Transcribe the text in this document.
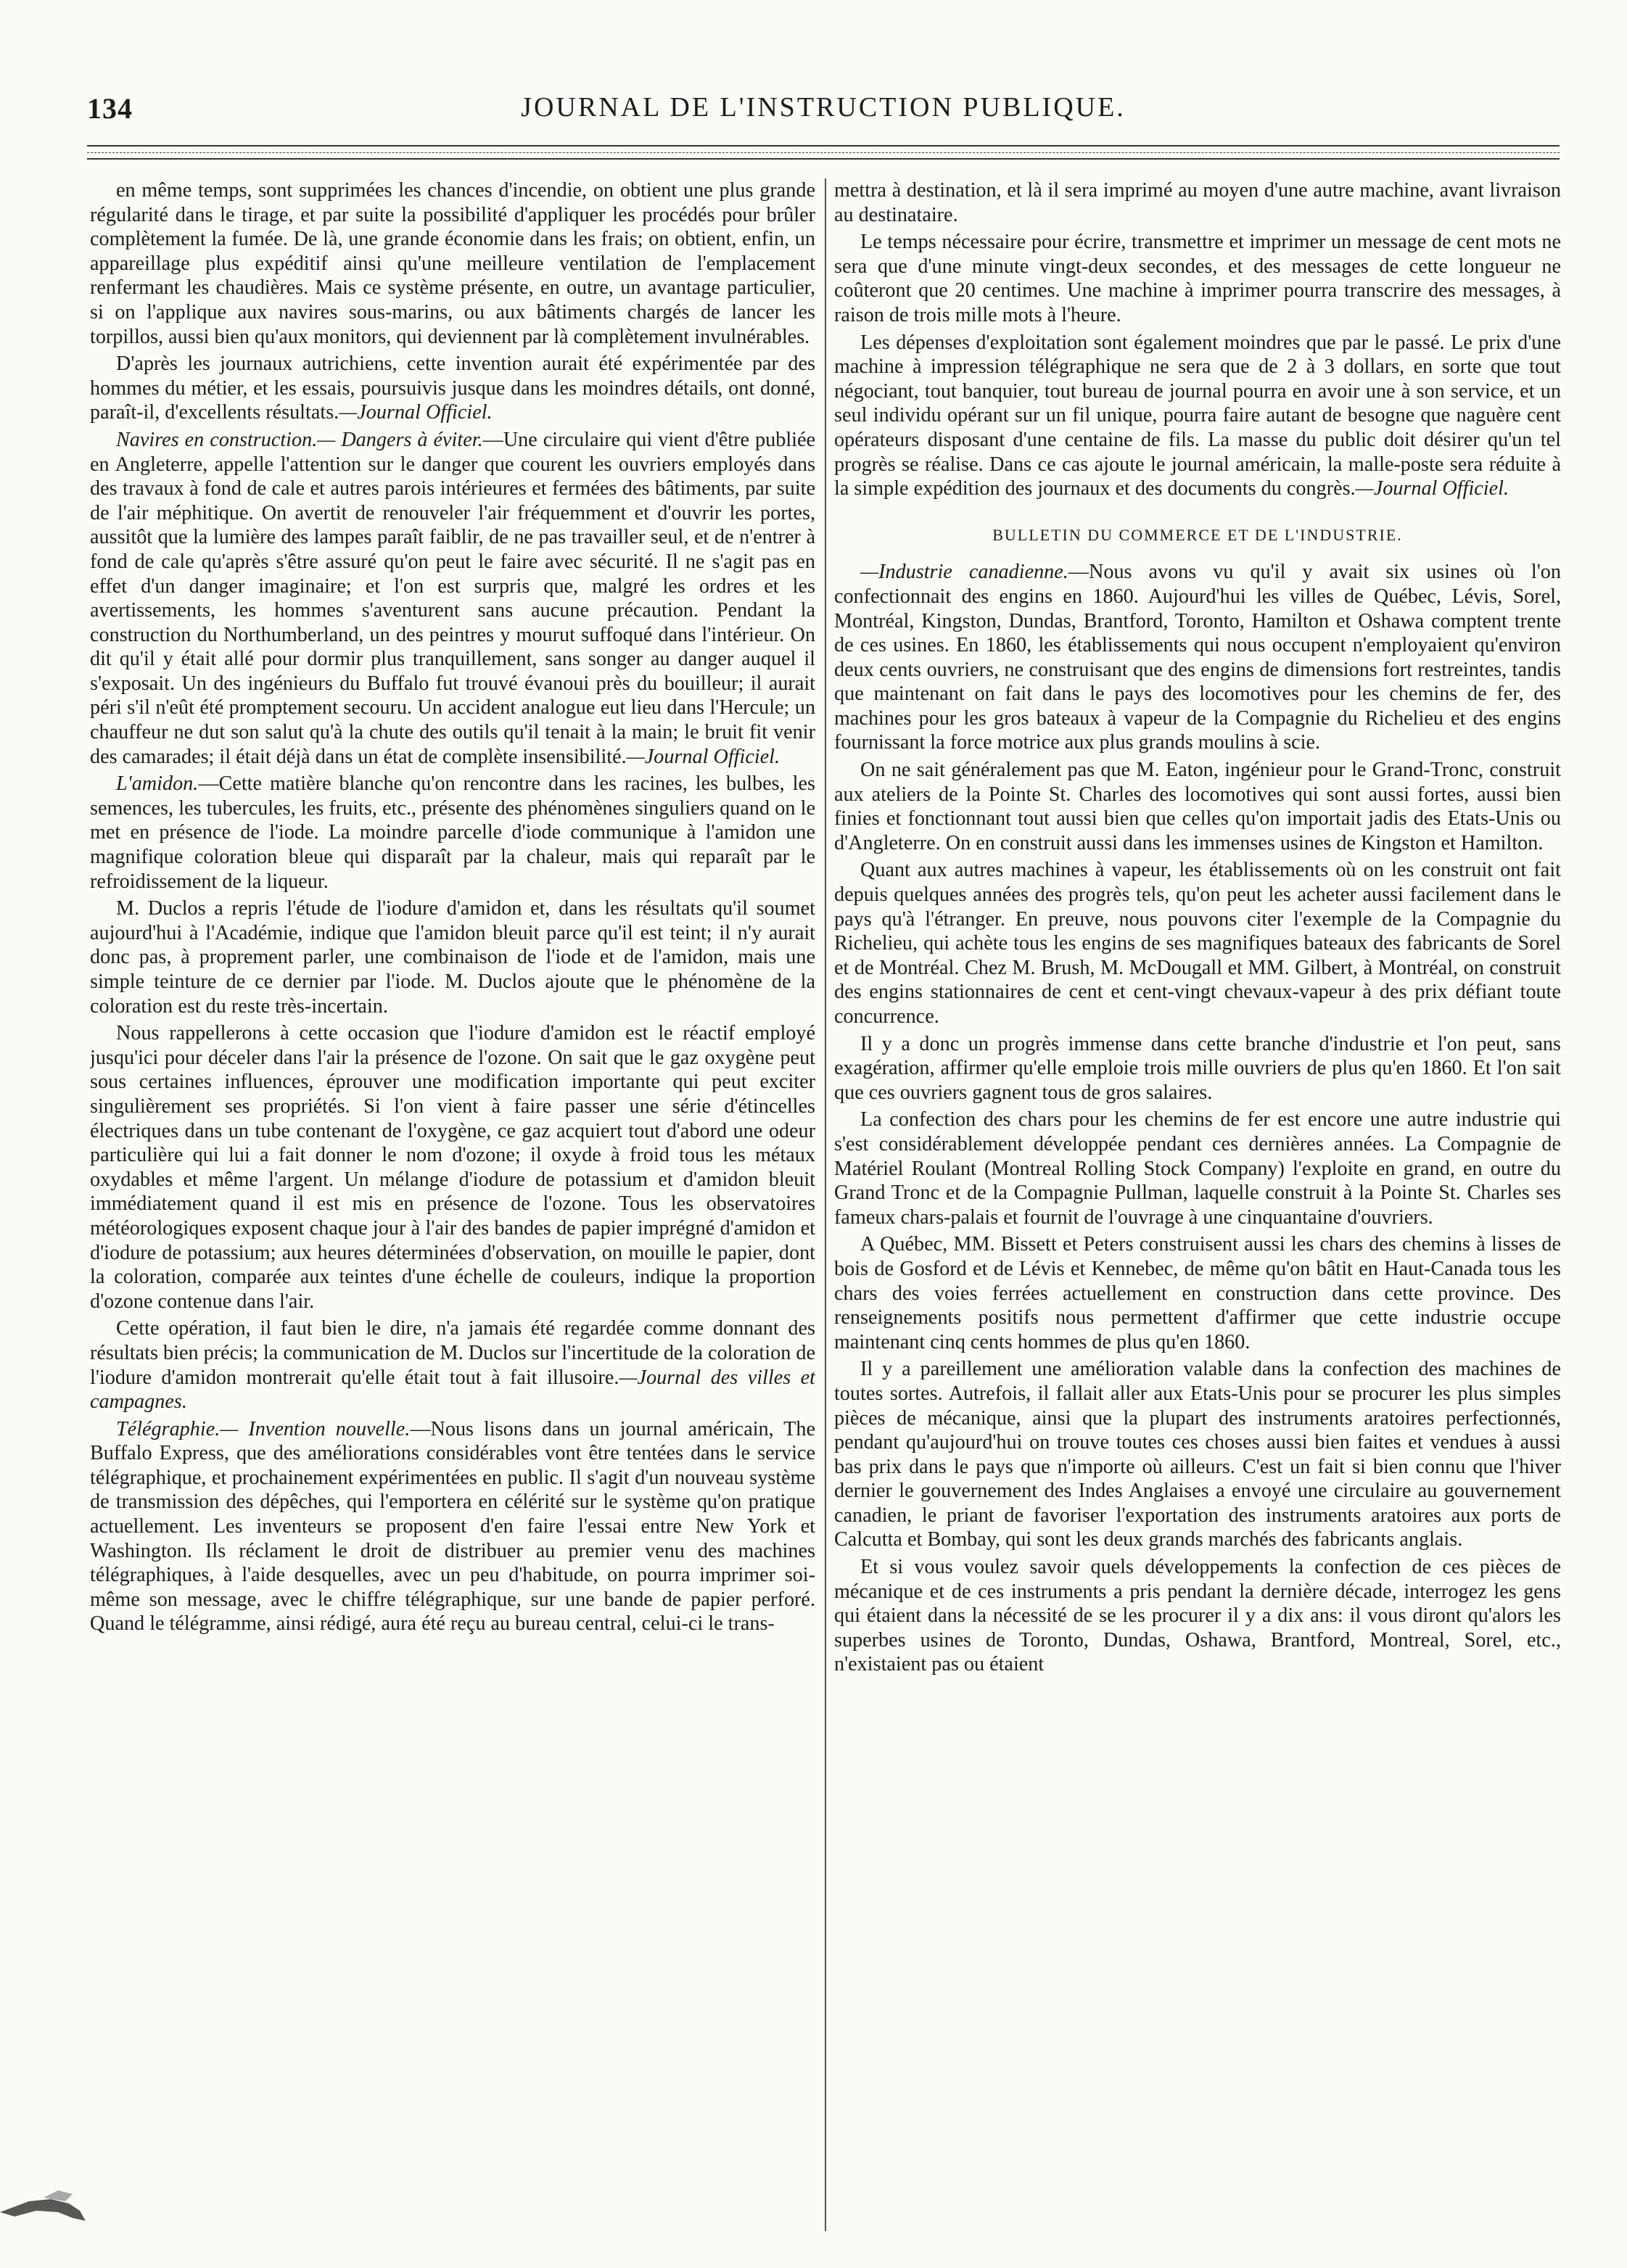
134	JOURNAL DE L'INSTRUCTION PUBLIQUE.

en même temps, sont supprimées les chances d'incendie, on obtient une plus grande régularité dans le tirage, et par suite la possibilité d'appliquer les procédés pour brûler complètement la fumée. De là, une grande économie dans les frais; on obtient, enfin, un appareillage plus expéditif ainsi qu'une meilleure ventilation de l'emplacement renfermant les chaudières. Mais ce système présente, en outre, un avantage particulier, si on l'applique aux navires sous-marins, ou aux bâtiments chargés de lancer les torpillos, aussi bien qu'aux monitors, qui deviennent par là complètement invulnérables.

D'après les journaux autrichiens, cette invention aurait été expérimentée par des hommes du métier, et les essais, poursuivis jusque dans les moindres détails, ont donné, paraît-il, d'excellents résultats.—Journal Officiel.

Navires en construction.— Dangers à éviter.—Une circulaire qui vient d'être publiée en Angleterre, appelle l'attention sur le danger que courent les ouvriers employés dans des travaux à fond de cale et autres parois intérieures et fermées des bâtiments, par suite de l'air méphitique. On avertit de renouveler l'air fréquemment et d'ouvrir les portes, aussitôt que la lumière des lampes paraît faiblir, de ne pas travailler seul, et de n'entrer à fond de cale qu'après s'être assuré qu'on peut le faire avec sécurité. Il ne s'agit pas en effet d'un danger imaginaire; et l'on est surpris que, malgré les ordres et les avertissements, les hommes s'aventurent sans aucune précaution. Pendant la construction du Northumberland, un des peintres y mourut suffoqué dans l'intérieur. On dit qu'il y était allé pour dormir plus tranquillement, sans songer au danger auquel il s'exposait. Un des ingénieurs du Buffalo fut trouvé évanoui près du bouilleur; il aurait péri s'il n'eût été promptement secouru. Un accident analogue eut lieu dans l'Hercule; un chauffeur ne dut son salut qu'à la chute des outils qu'il tenait à la main; le bruit fit venir des camarades; il était déjà dans un état de complète insensibilité.—Journal Officiel.

L'amidon.—Cette matière blanche qu'on rencontre dans les racines, les bulbes, les semences, les tubercules, les fruits, etc., présente des phénomènes singuliers quand on le met en présence de l'iode. La moindre parcelle d'iode communique à l'amidon une magnifique coloration bleue qui disparaît par la chaleur, mais qui reparaît par le refroidissement de la liqueur.

M. Duclos a repris l'étude de l'iodure d'amidon et, dans les résultats qu'il soumet aujourd'hui à l'Académie, indique que l'amidon bleuit parce qu'il est teint; il n'y aurait donc pas, à proprement parler, une combinaison de l'iode et de l'amidon, mais une simple teinture de ce dernier par l'iode. M. Duclos ajoute que le phénomène de la coloration est du reste très-incertain.

Nous rappellerons à cette occasion que l'iodure d'amidon est le réactif employé jusqu'ici pour déceler dans l'air la présence de l'ozone. On sait que le gaz oxygène peut sous certaines influences, éprouver une modification importante qui peut exciter singulièrement ses propriétés. Si l'on vient à faire passer une série d'étincelles électriques dans un tube contenant de l'oxygène, ce gaz acquiert tout d'abord une odeur particulière qui lui a fait donner le nom d'ozone; il oxyde à froid tous les métaux oxydables et même l'argent. Un mélange d'iodure de potassium et d'amidon bleuit immédiatement quand il est mis en présence de l'ozone. Tous les observatoires météorologiques exposent chaque jour à l'air des bandes de papier imprégné d'amidon et d'iodure de potassium; aux heures déterminées d'observation, on mouille le papier, dont la coloration, comparée aux teintes d'une échelle de couleurs, indique la proportion d'ozone contenue dans l'air.

Cette opération, il faut bien le dire, n'a jamais été regardée comme donnant des résultats bien précis; la communication de M. Duclos sur l'incertitude de la coloration de l'iodure d'amidon montrerait qu'elle était tout à fait illusoire.—Journal des villes et campagnes.

Télégraphie.— Invention nouvelle.—Nous lisons dans un journal américain, The Buffalo Express, que des améliorations considérables vont être tentées dans le service télégraphique, et prochainement expérimentées en public. Il s'agit d'un nouveau système de transmission des dépêches, qui l'emportera en célérité sur le système qu'on pratique actuellement. Les inventeurs se proposent d'en faire l'essai entre New York et Washington. Ils réclament le droit de distribuer au premier venu des machines télégraphiques, à l'aide desquelles, avec un peu d'habitude, on pourra imprimer soi-même son message, avec le chiffre télégraphique, sur une bande de papier perforé. Quand le télégramme, ainsi rédigé, aura été reçu au bureau central, celui-ci le trans-

mettra à destination, et là il sera imprimé au moyen d'une autre machine, avant livraison au destinataire.

Le temps nécessaire pour écrire, transmettre et imprimer un message de cent mots ne sera que d'une minute vingt-deux secondes, et des messages de cette longueur ne coûteront que 20 centimes. Une machine à imprimer pourra transcrire des messages, à raison de trois mille mots à l'heure.

Les dépenses d'exploitation sont également moindres que par le passé. Le prix d'une machine à impression télégraphique ne sera que de 2 à 3 dollars, en sorte que tout négociant, tout banquier, tout bureau de journal pourra en avoir une à son service, et un seul individu opérant sur un fil unique, pourra faire autant de besogne que naguère cent opérateurs disposant d'une centaine de fils. La masse du public doit désirer qu'un tel progrès se réalise. Dans ce cas ajoute le journal américain, la malle-poste sera réduite à la simple expédition des journaux et des documents du congrès.—Journal Officiel.

BULLETIN DU COMMERCE ET DE L'INDUSTRIE.

—Industrie canadienne.—Nous avons vu qu'il y avait six usines où l'on confectionnait des engins en 1860. Aujourd'hui les villes de Québec, Lévis, Sorel, Montréal, Kingston, Dundas, Brantford, Toronto, Hamilton et Oshawa comptent trente de ces usines. En 1860, les établissements qui nous occupent n'employaient qu'environ deux cents ouvriers, ne construisant que des engins de dimensions fort restreintes, tandis que maintenant on fait dans le pays des locomotives pour les chemins de fer, des machines pour les gros bateaux à vapeur de la Compagnie du Richelieu et des engins fournissant la force motrice aux plus grands moulins à scie.

On ne sait généralement pas que M. Eaton, ingénieur pour le Grand-Tronc, construit aux ateliers de la Pointe St. Charles des locomotives qui sont aussi fortes, aussi bien finies et fonctionnant tout aussi bien que celles qu'on importait jadis des Etats-Unis ou d'Angleterre. On en construit aussi dans les immenses usines de Kingston et Hamilton.

Quant aux autres machines à vapeur, les établissements où on les construit ont fait depuis quelques années des progrès tels, qu'on peut les acheter aussi facilement dans le pays qu'à l'étranger. En preuve, nous pouvons citer l'exemple de la Compagnie du Richelieu, qui achète tous les engins de ses magnifiques bateaux des fabricants de Sorel et de Montréal. Chez M. Brush, M. McDougall et MM. Gilbert, à Montréal, on construit des engins stationnaires de cent et cent-vingt chevaux-vapeur à des prix défiant toute concurrence.

Il y a donc un progrès immense dans cette branche d'industrie et l'on peut, sans exagération, affirmer qu'elle emploie trois mille ouvriers de plus qu'en 1860. Et l'on sait que ces ouvriers gagnent tous de gros salaires.

La confection des chars pour les chemins de fer est encore une autre industrie qui s'est considérablement développée pendant ces dernières années. La Compagnie de Matériel Roulant (Montreal Rolling Stock Company) l'exploite en grand, en outre du Grand Tronc et de la Compagnie Pullman, laquelle construit à la Pointe St. Charles ses fameux chars-palais et fournit de l'ouvrage à une cinquantaine d'ouvriers.

A Québec, MM. Bissett et Peters construisent aussi les chars des chemins à lisses de bois de Gosford et de Lévis et Kennebec, de même qu'on bâtit en Haut-Canada tous les chars des voies ferrées actuellement en construction dans cette province. Des renseignements positifs nous permettent d'affirmer que cette industrie occupe maintenant cinq cents hommes de plus qu'en 1860.

Il y a pareillement une amélioration valable dans la confection des machines de toutes sortes. Autrefois, il fallait aller aux Etats-Unis pour se procurer les plus simples pièces de mécanique, ainsi que la plupart des instruments aratoires perfectionnés, pendant qu'aujourd'hui on trouve toutes ces choses aussi bien faites et vendues à aussi bas prix dans le pays que n'importe où ailleurs. C'est un fait si bien connu que l'hiver dernier le gouvernement des Indes Anglaises a envoyé une circulaire au gouvernement canadien, le priant de favoriser l'exportation des instruments aratoires aux ports de Calcutta et Bombay, qui sont les deux grands marchés des fabricants anglais.

Et si vous voulez savoir quels développements la confection de ces pièces de mécanique et de ces instruments a pris pendant la dernière décade, interrogez les gens qui étaient dans la nécessité de se les procurer il y a dix ans: il vous diront qu'alors les superbes usines de Toronto, Dundas, Oshawa, Brantford, Montreal, Sorel, etc., n'existaient pas ou étaient
